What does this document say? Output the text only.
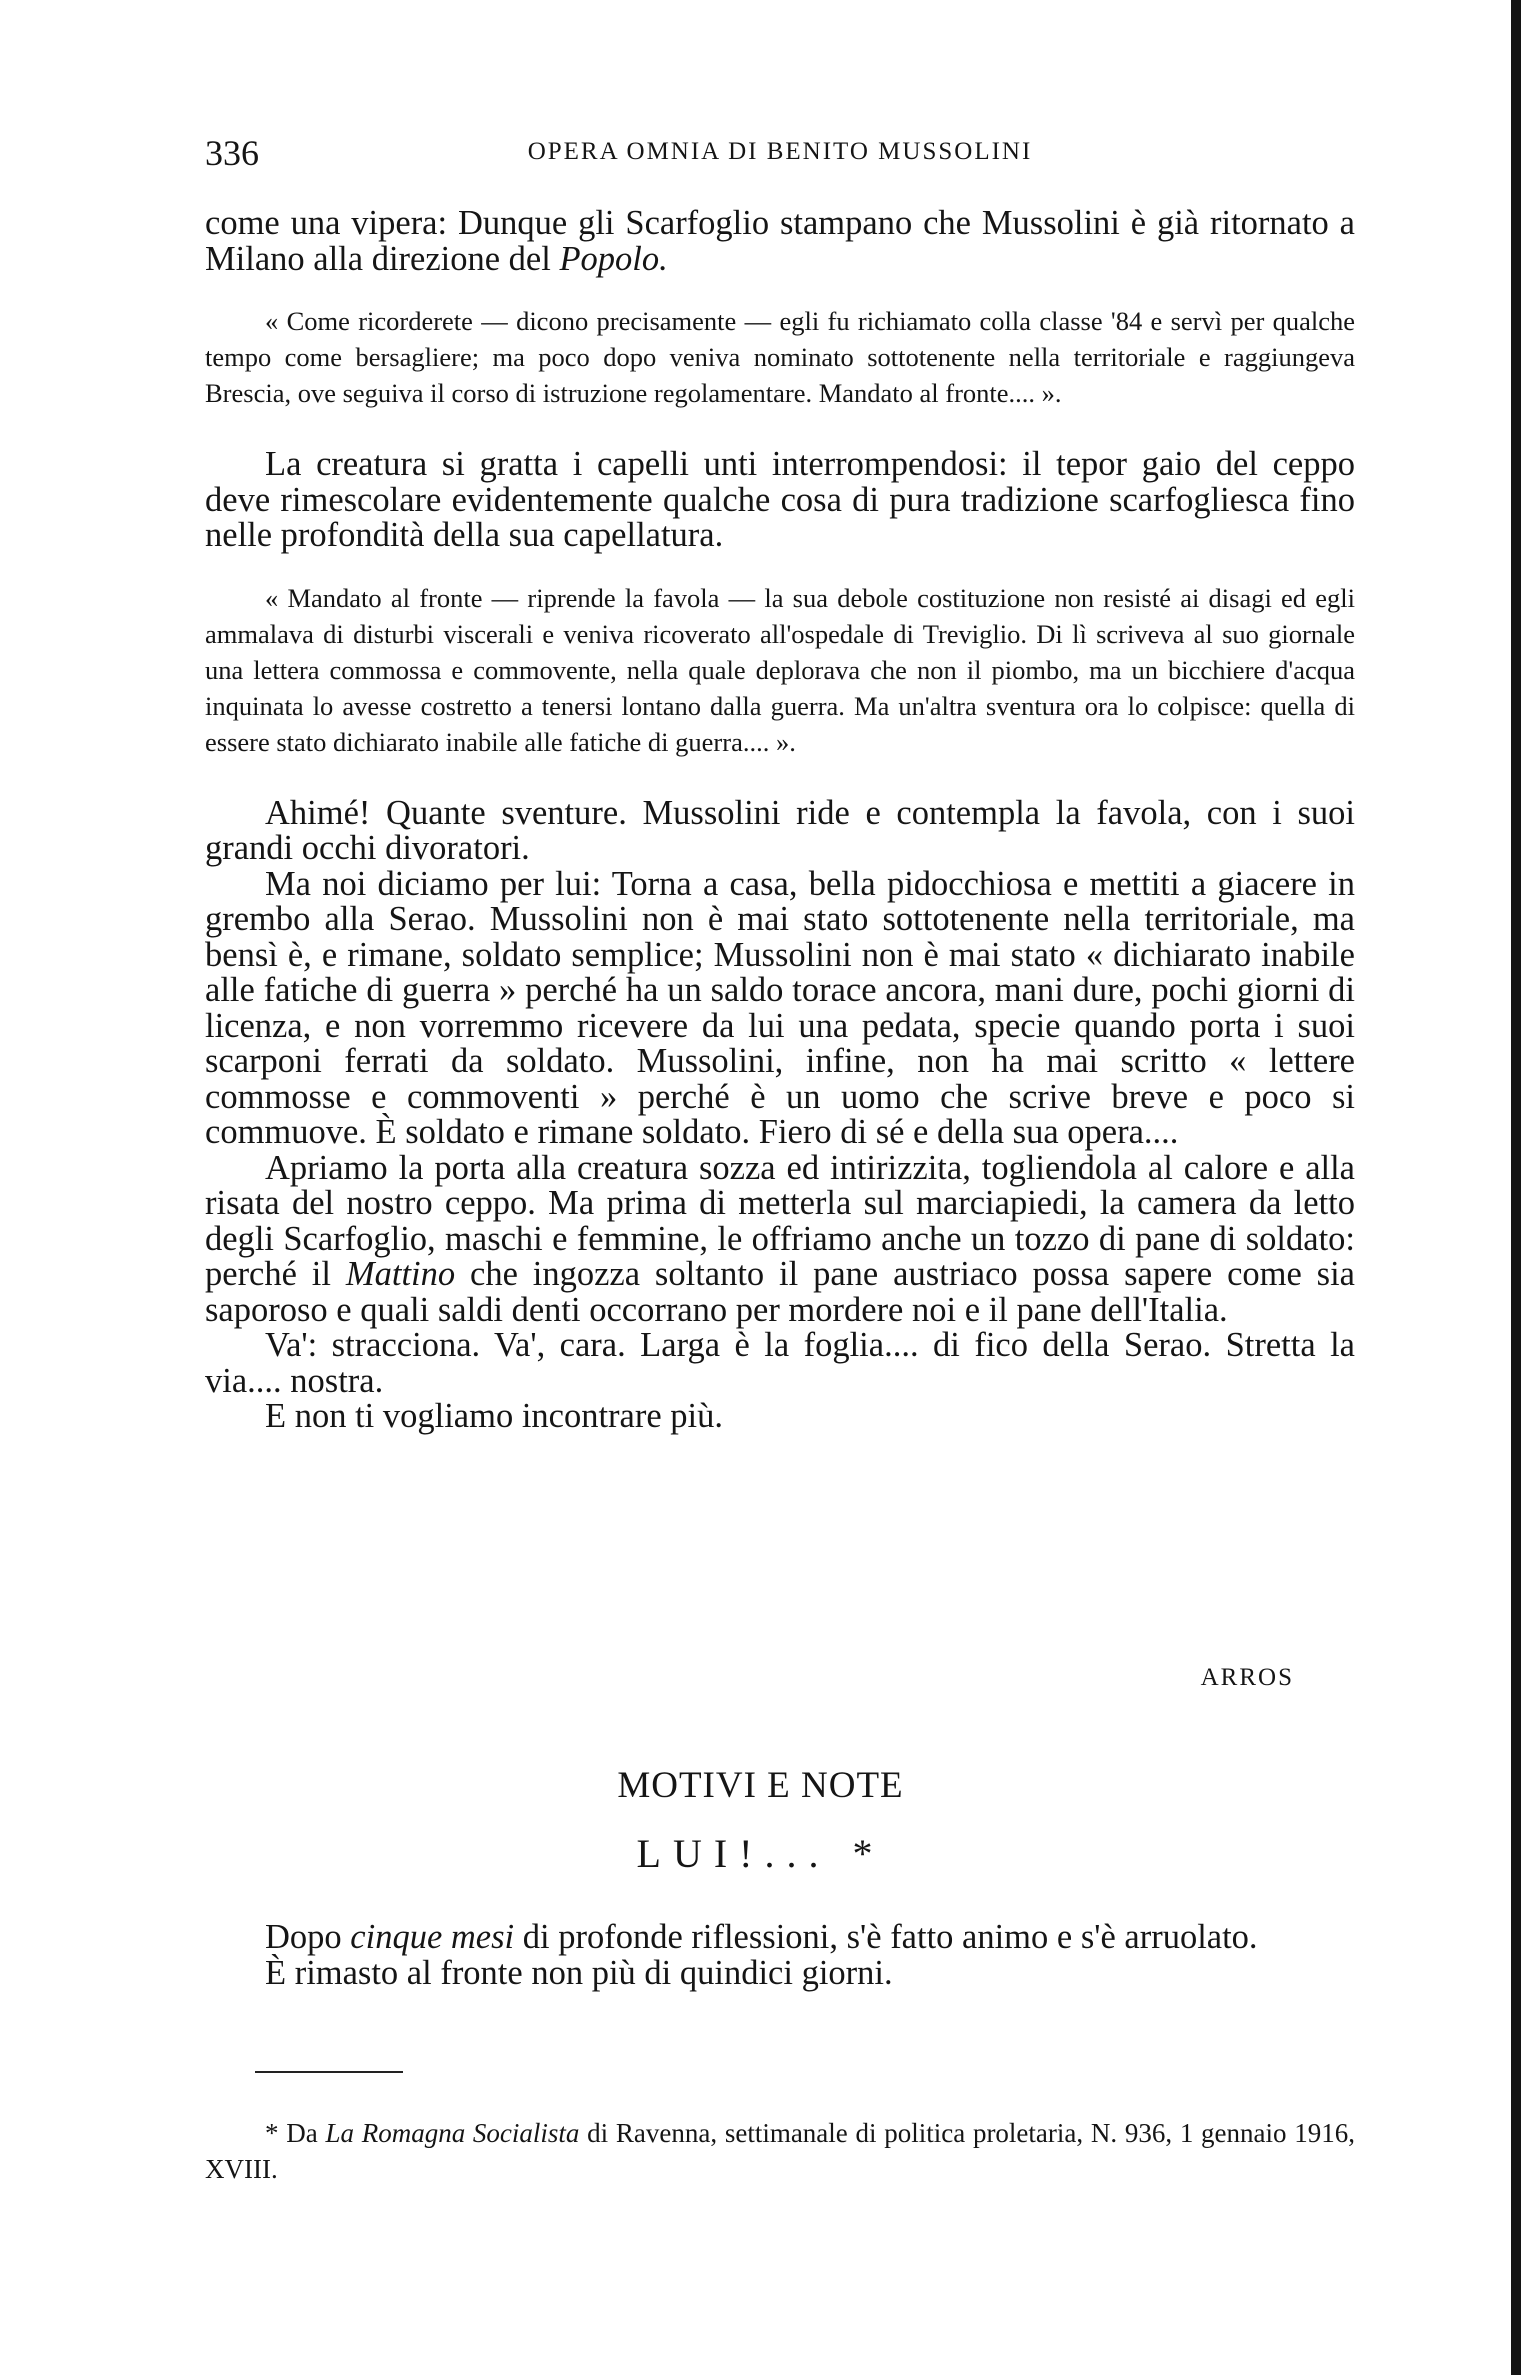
336	OPERA OMNIA DI BENITO MUSSOLINI

come una vipera: Dunque gli Scarfoglio stampano che Mussolini è già ritornato a Milano alla direzione del Popolo.

« Come ricorderete — dicono precisamente — egli fu richiamato colla classe '84 e servì per qualche tempo come bersagliere; ma poco dopo veniva nominato sottotenente nella territoriale e raggiungeva Brescia, ove seguiva il corso di istruzione regolamentare. Mandato al fronte.... ».

La creatura si gratta i capelli unti interrompendosi: il tepor gaio del ceppo deve rimescolare evidentemente qualche cosa di pura tradizione scarfogliesca fino nelle profondità della sua capellatura.

« Mandato al fronte — riprende la favola — la sua debole costituzione non resisté ai disagi ed egli ammalava di disturbi viscerali e veniva ricoverato all'ospedale di Treviglio. Di lì scriveva al suo giornale una lettera commossa e commovente, nella quale deplorava che non il piombo, ma un bicchiere d'acqua inquinata lo avesse costretto a tenersi lontano dalla guerra. Ma un'altra sventura ora lo colpisce: quella di essere stato dichiarato inabile alle fatiche di guerra.... ».

Ahimé! Quante sventure. Mussolini ride e contempla la favola, con i suoi grandi occhi divoratori.

Ma noi diciamo per lui: Torna a casa, bella pidocchiosa e mettiti a giacere in grembo alla Serao. Mussolini non è mai stato sottotenente nella territoriale, ma bensì è, e rimane, soldato semplice; Mussolini non è mai stato « dichiarato inabile alle fatiche di guerra » perché ha un saldo torace ancora, mani dure, pochi giorni di licenza, e non vorremmo ricevere da lui una pedata, specie quando porta i suoi scarponi ferrati da soldato. Mussolini, infine, non ha mai scritto « lettere commosse e commoventi » perché è un uomo che scrive breve e poco si commuove. È soldato e rimane soldato. Fiero di sé e della sua opera....

Apriamo la porta alla creatura sozza ed intirizzita, togliendola al calore e alla risata del nostro ceppo. Ma prima di metterla sul marciapiedi, la camera da letto degli Scarfoglio, maschi e femmine, le offriamo anche un tozzo di pane di soldato: perché il Mattino che ingozza soltanto il pane austriaco possa sapere come sia saporoso e quali saldi denti occorrano per mordere noi e il pane dell'Italia.

Va': stracciona. Va', cara. Larga è la foglia.... di fico della Serao. Stretta la via.... nostra.

E non ti vogliamo incontrare più.

ARROS
MOTIVI E NOTE
LUI!... *

Dopo cinque mesi di profonde riflessioni, s'è fatto animo e s'è arruolato.

È rimasto al fronte non più di quindici giorni.

* Da La Romagna Socialista di Ravenna, settimanale di politica proletaria, N. 936, 1 gennaio 1916, XVIII.
